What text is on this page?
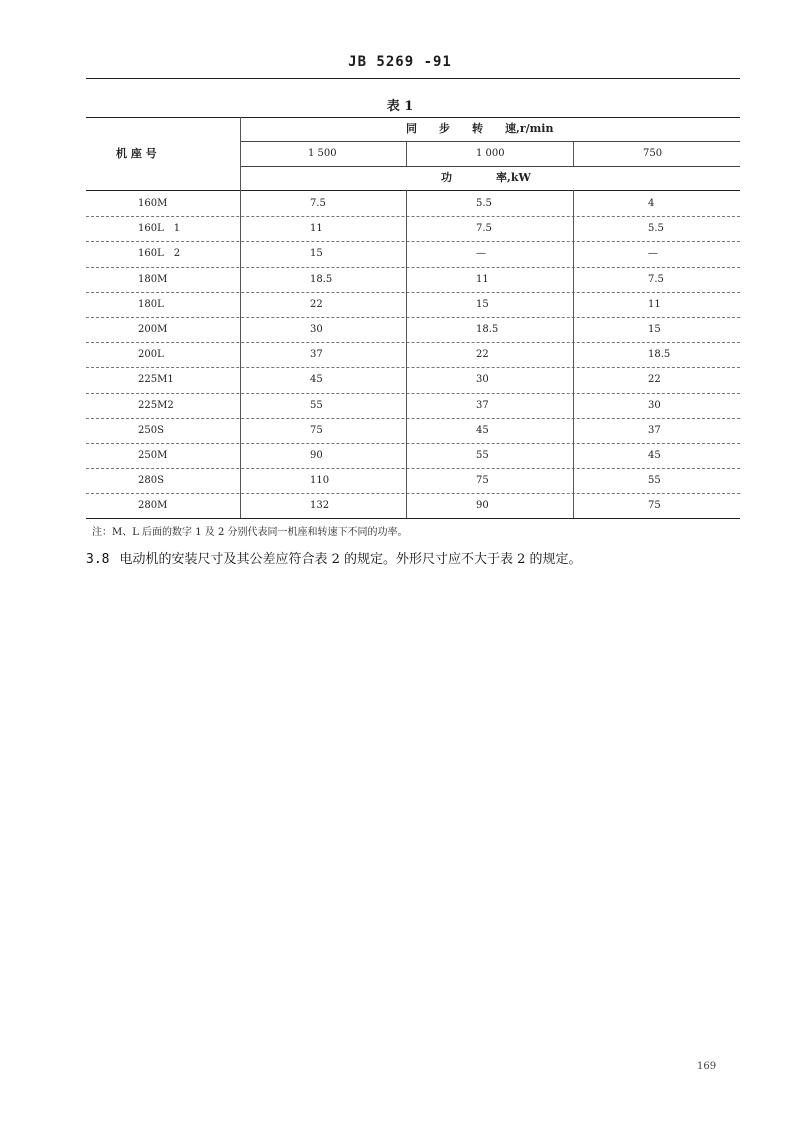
JB 5269 -91
表 1
机 座 号
同　　步　　转　　速,r/min
1 500	1 000	750
功　　　　率,kW
160M	7.5	5.5	4
160L　1	11	7.5	5.5
160L　2	15	—	—
180M	18.5	11	7.5
180L	22	15	11
200M	30	18.5	15
200L	37	22	18.5
225M1	45	30	22
225M2	55	37	30
250S	75	45	37
250M	90	55	45
280S	110	75	55
280M	132	90	75
注：M、L 后面的数字 1 及 2 分别代表同一机座和转速下不同的功率。
3.8 电动机的安装尺寸及其公差应符合表 2 的规定。外形尺寸应不大于表 2 的规定。
169
